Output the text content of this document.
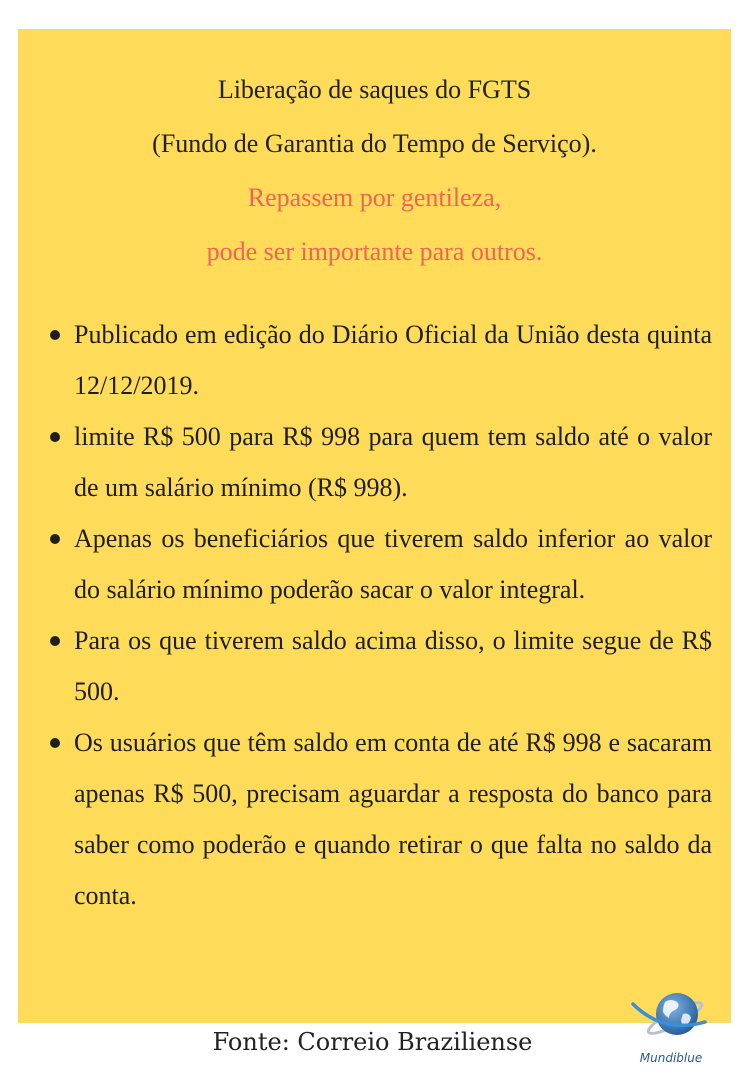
Liberação de saques do FGTS
(Fundo de Garantia do Tempo de Serviço).
Repassem por gentileza,
pode ser importante para outros.
Publicado em edição do Diário Oficial da União desta quinta 12/12/2019.
limite R$ 500 para R$ 998 para quem tem saldo até o valor de um salário mínimo (R$ 998).
Apenas os beneficiários que tiverem saldo inferior ao valor do salário mínimo poderão sacar o valor integral.
Para os que tiverem saldo acima disso, o limite segue de R$ 500.
Os usuários que têm saldo em conta de até R$ 998 e sacaram apenas R$ 500, precisam aguardar a resposta do banco para saber como poderão e quando retirar o que falta no saldo da conta.
Fonte: Correio Braziliense
Mundiblue
